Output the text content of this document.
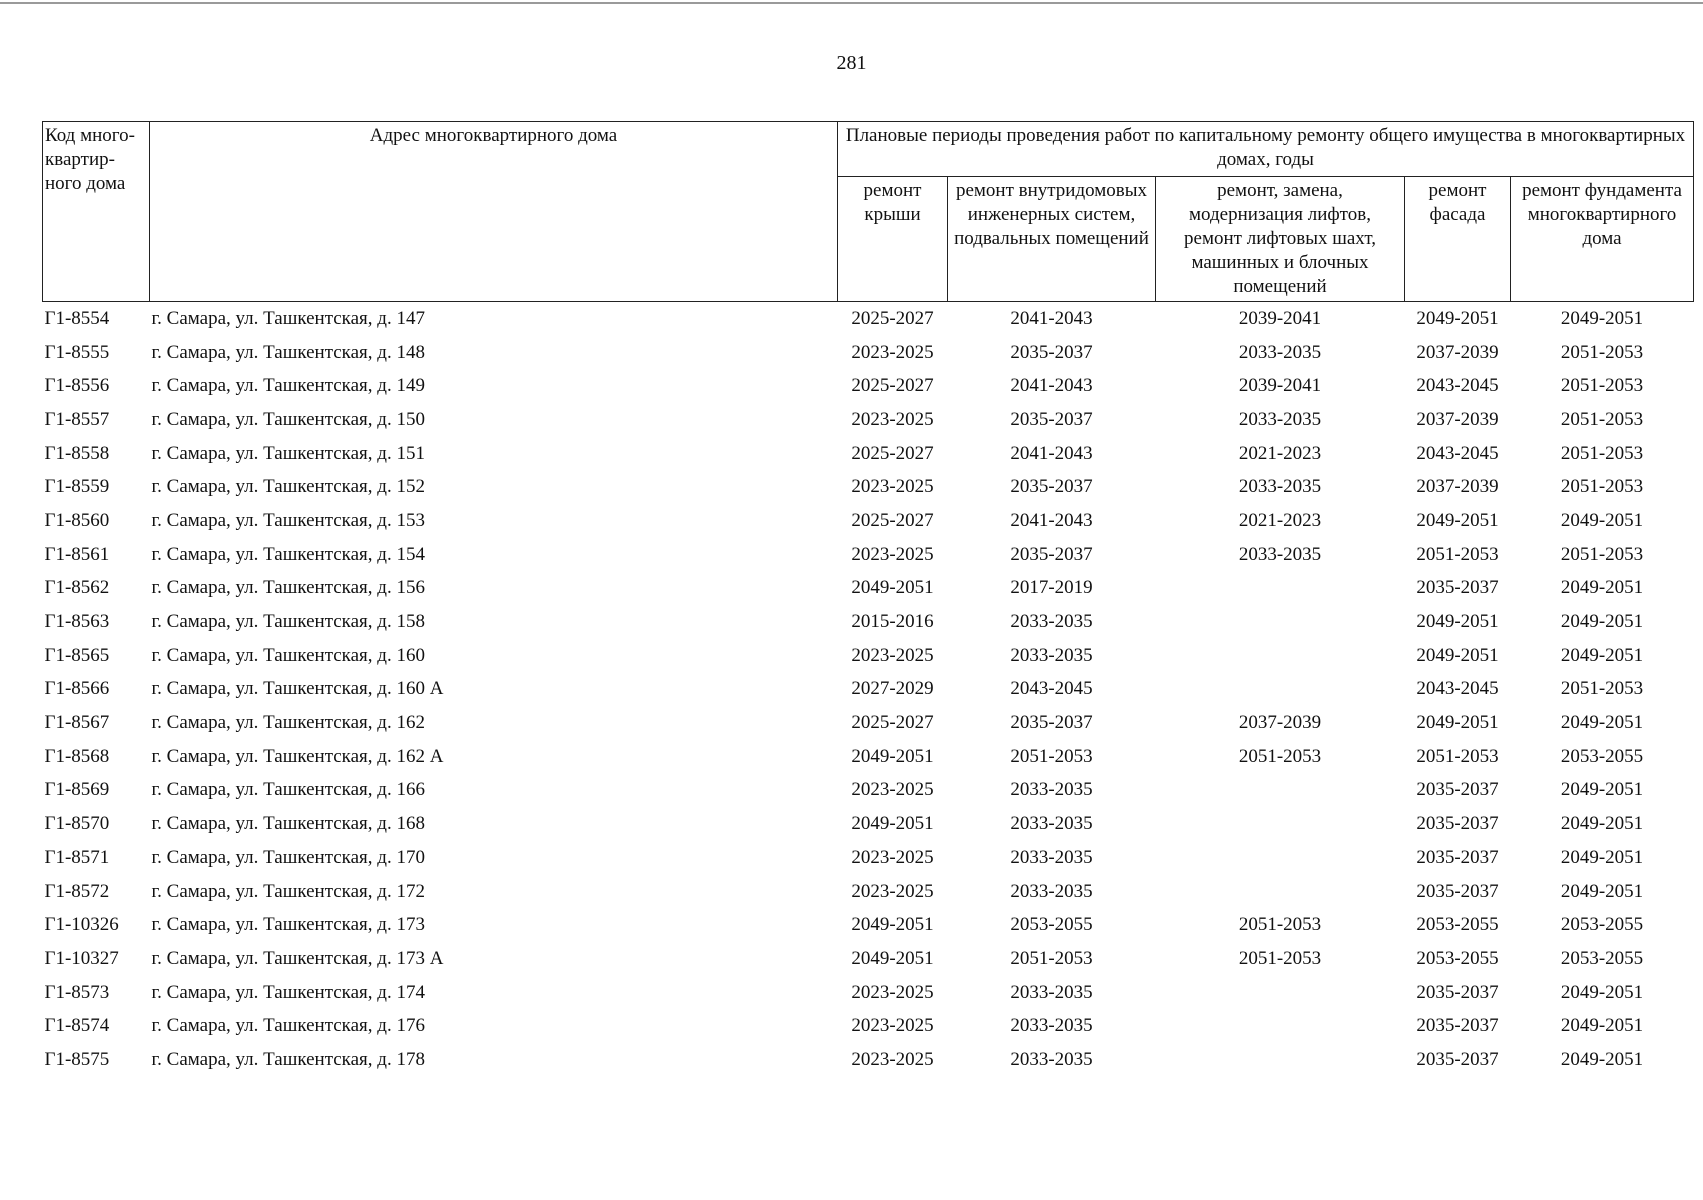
281
Код много-квартир-ного дома	Адрес многоквартирного дома	Плановые периоды проведения работ по капитальному ремонту общего имущества в многоквартирных домах, годы				
		ремонт крыши	ремонт внутридомовых инженерных систем, подвальных помещений	ремонт, замена, модернизация лифтов, ремонт лифтовых шахт, машинных и блочных помещений	ремонт фасада	ремонт фундамента многоквартирного дома
Г1-8554	г. Самара, ул. Ташкентская, д. 147	2025-2027	2041-2043	2039-2041	2049-2051	2049-2051
Г1-8555	г. Самара, ул. Ташкентская, д. 148	2023-2025	2035-2037	2033-2035	2037-2039	2051-2053
Г1-8556	г. Самара, ул. Ташкентская, д. 149	2025-2027	2041-2043	2039-2041	2043-2045	2051-2053
Г1-8557	г. Самара, ул. Ташкентская, д. 150	2023-2025	2035-2037	2033-2035	2037-2039	2051-2053
Г1-8558	г. Самара, ул. Ташкентская, д. 151	2025-2027	2041-2043	2021-2023	2043-2045	2051-2053
Г1-8559	г. Самара, ул. Ташкентская, д. 152	2023-2025	2035-2037	2033-2035	2037-2039	2051-2053
Г1-8560	г. Самара, ул. Ташкентская, д. 153	2025-2027	2041-2043	2021-2023	2049-2051	2049-2051
Г1-8561	г. Самара, ул. Ташкентская, д. 154	2023-2025	2035-2037	2033-2035	2051-2053	2051-2053
Г1-8562	г. Самара, ул. Ташкентская, д. 156	2049-2051	2017-2019		2035-2037	2049-2051
Г1-8563	г. Самара, ул. Ташкентская, д. 158	2015-2016	2033-2035		2049-2051	2049-2051
Г1-8565	г. Самара, ул. Ташкентская, д. 160	2023-2025	2033-2035		2049-2051	2049-2051
Г1-8566	г. Самара, ул. Ташкентская, д. 160 А	2027-2029	2043-2045		2043-2045	2051-2053
Г1-8567	г. Самара, ул. Ташкентская, д. 162	2025-2027	2035-2037	2037-2039	2049-2051	2049-2051
Г1-8568	г. Самара, ул. Ташкентская, д. 162 А	2049-2051	2051-2053	2051-2053	2051-2053	2053-2055
Г1-8569	г. Самара, ул. Ташкентская, д. 166	2023-2025	2033-2035		2035-2037	2049-2051
Г1-8570	г. Самара, ул. Ташкентская, д. 168	2049-2051	2033-2035		2035-2037	2049-2051
Г1-8571	г. Самара, ул. Ташкентская, д. 170	2023-2025	2033-2035		2035-2037	2049-2051
Г1-8572	г. Самара, ул. Ташкентская, д. 172	2023-2025	2033-2035		2035-2037	2049-2051
Г1-10326	г. Самара, ул. Ташкентская, д. 173	2049-2051	2053-2055	2051-2053	2053-2055	2053-2055
Г1-10327	г. Самара, ул. Ташкентская, д. 173 А	2049-2051	2051-2053	2051-2053	2053-2055	2053-2055
Г1-8573	г. Самара, ул. Ташкентская, д. 174	2023-2025	2033-2035		2035-2037	2049-2051
Г1-8574	г. Самара, ул. Ташкентская, д. 176	2023-2025	2033-2035		2035-2037	2049-2051
Г1-8575	г. Самара, ул. Ташкентская, д. 178	2023-2025	2033-2035		2035-2037	2049-2051
